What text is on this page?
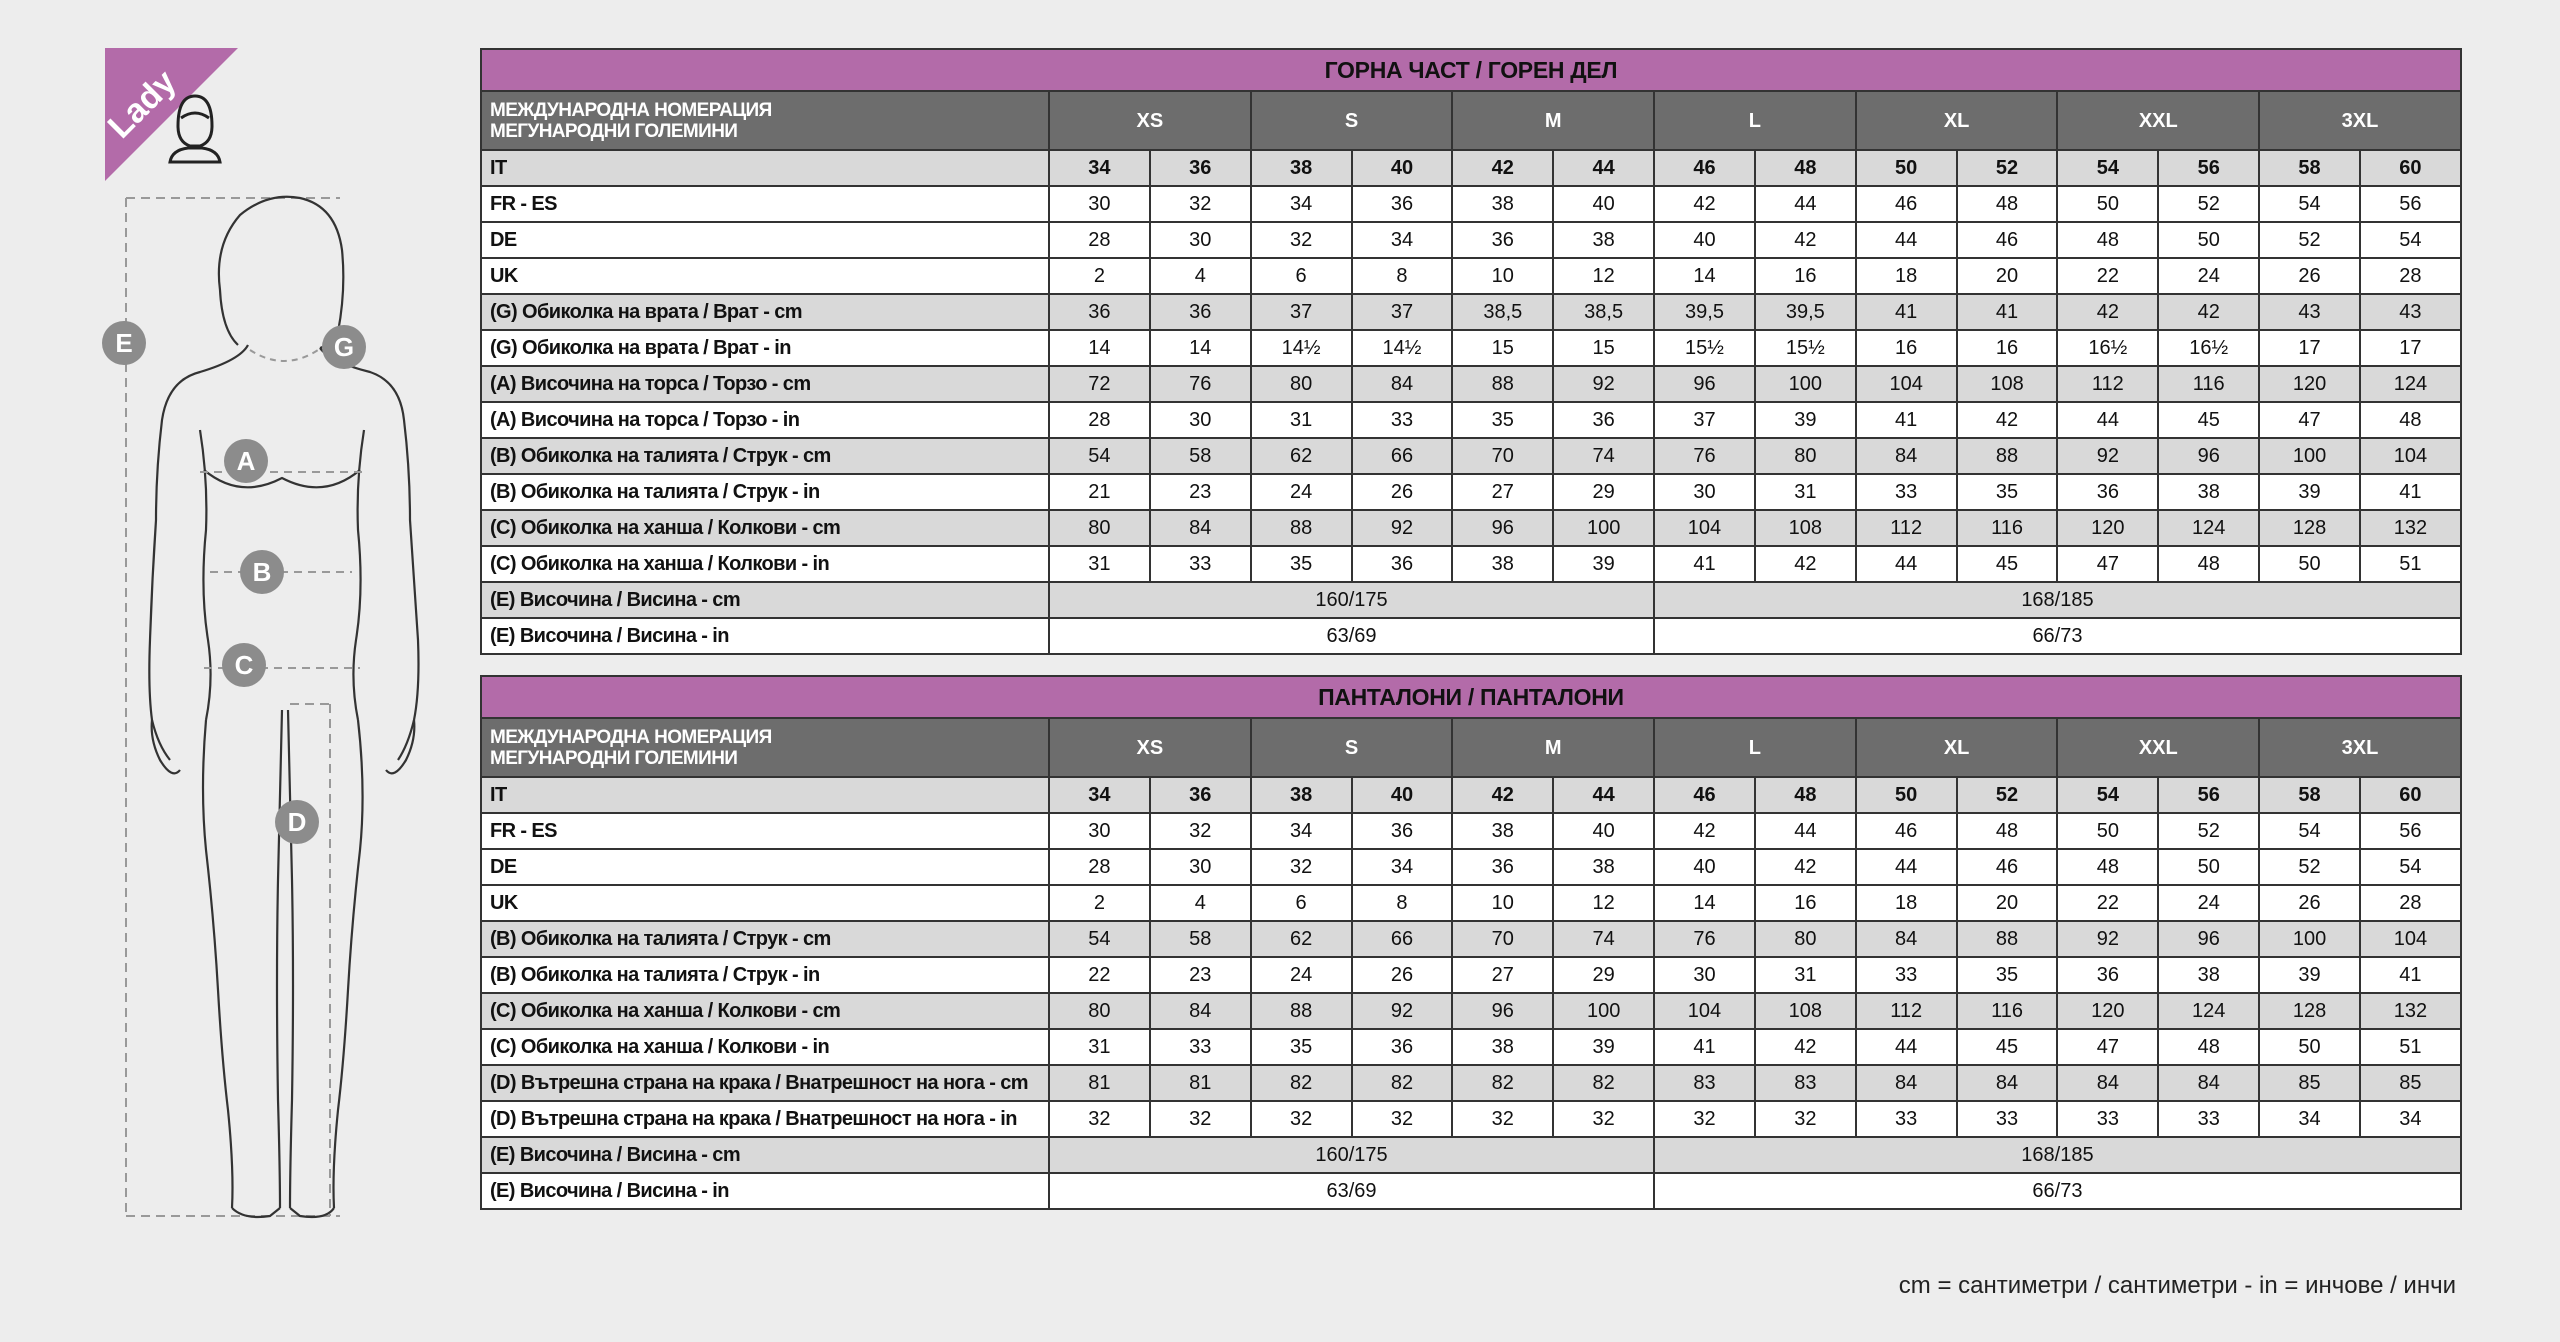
Lady
E	G
A
B
C
D
ГОРНА ЧАСТ / ГОРЕН ДЕЛ														

МЕЖДУНАРОДНА НОМЕРАЦИЯ
МЕГУНАРОДНИ ГОЛЕМИНИ	XS		S		M		L		XL		XXL		3XL	
IT	34	36	38	40	42	44	46	48	50	52	54	56	58	60
FR - ES	30	32	34	36	38	40	42	44	46	48	50	52	54	56
DE	28	30	32	34	36	38	40	42	44	46	48	50	52	54
UK	2	4	6	8	10	12	14	16	18	20	22	24	26	28
(G) Обиколка на врата / Врат - cm	36	36	37	37	38,5	38,5	39,5	39,5	41	41	42	42	43	43
(G) Обиколка на врата / Врат - in	14	14	14½	14½	15	15	15½	15½	16	16	16½	16½	17	17
(A) Височина на торса / Торзо - cm	72	76	80	84	88	92	96	100	104	108	112	116	120	124
(A) Височина на торса / Торзо - in	28	30	31	33	35	36	37	39	41	42	44	45	47	48
(B) Обиколка на талията / Струк - cm	54	58	62	66	70	74	76	80	84	88	92	96	100	104
(B) Обиколка на талията / Струк - in	21	23	24	26	27	29	30	31	33	35	36	38	39	41
(C) Обиколка на ханша / Колкови - cm	80	84	88	92	96	100	104	108	112	116	120	124	128	132
(C) Обиколка на ханша / Колкови - in	31	33	35	36	38	39	41	42	44	45	47	48	50	51
(E) Височина / Висина - cm	160/175						168/185							
(E) Височина / Висина - in	63/69						66/73							
ПАНТАЛОНИ / ПАНТАЛОНИ														

МЕЖДУНАРОДНА НОМЕРАЦИЯ
МЕГУНАРОДНИ ГОЛЕМИНИ	XS		S		M		L		XL		XXL		3XL	
IT	34	36	38	40	42	44	46	48	50	52	54	56	58	60
FR - ES	30	32	34	36	38	40	42	44	46	48	50	52	54	56
DE	28	30	32	34	36	38	40	42	44	46	48	50	52	54
UK	2	4	6	8	10	12	14	16	18	20	22	24	26	28
(B) Обиколка на талията / Струк - cm	54	58	62	66	70	74	76	80	84	88	92	96	100	104
(B) Обиколка на талията / Струк - in	22	23	24	26	27	29	30	31	33	35	36	38	39	41
(C) Обиколка на ханша / Колкови - cm	80	84	88	92	96	100	104	108	112	116	120	124	128	132
(C) Обиколка на ханша / Колкови - in	31	33	35	36	38	39	41	42	44	45	47	48	50	51
(D) Вътрешна страна на крака / Внатрешност на нога - cm	81	81	82	82	82	82	83	83	84	84	84	84	85	85
(D) Вътрешна страна на крака / Внатрешност на нога - in	32	32	32	32	32	32	32	32	33	33	33	33	34	34
(E) Височина / Висина - cm	160/175						168/185							
(E) Височина / Висина - in	63/69						66/73							
cm = сантиметри / сантиметри - in = инчове / инчи
